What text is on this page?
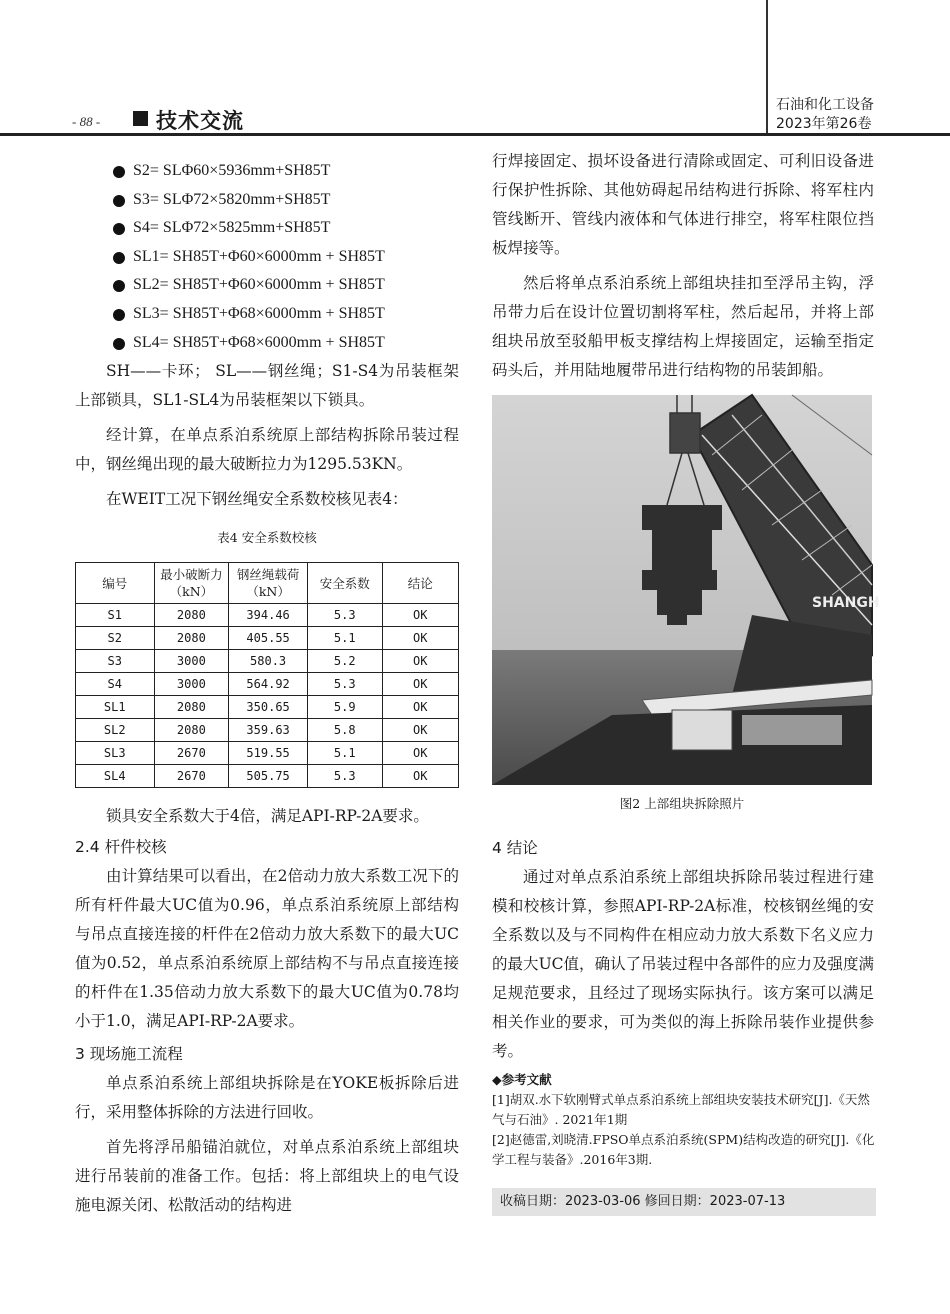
- 88 -	技术交流
石油和化工设备
2023年第26卷
S2= SLΦ60×5936mm+SH85T
S3= SLΦ72×5820mm+SH85T
S4= SLΦ72×5825mm+SH85T
SL1= SH85T+Φ60×6000mm + SH85T
SL2= SH85T+Φ60×6000mm + SH85T
SL3= SH85T+Φ68×6000mm + SH85T
SL4= SH85T+Φ68×6000mm + SH85T

SH——卡环； SL——钢丝绳；S1-S4为吊装框架上部锁具，SL1-SL4为吊装框架以下锁具。

经计算，在单点系泊系统原上部结构拆除吊装过程中，钢丝绳出现的最大破断拉力为1295.53KN。

在WEIT工况下钢丝绳安全系数校核见表4：

表4 安全系数校核
编号	最小破断力（kN）	钢丝绳载荷（kN）	安全系数	结论
S1	2080	394.46	5.3	OK
S2	2080	405.55	5.1	OK
S3	3000	580.3	5.2	OK
S4	3000	564.92	5.3	OK
SL1	2080	350.65	5.9	OK
SL2	2080	359.63	5.8	OK
SL3	2670	519.55	5.1	OK
SL4	2670	505.75	5.3	OK

锁具安全系数大于4倍，满足API-RP-2A要求。

2.4 杆件校核

由计算结果可以看出，在2倍动力放大系数工况下的所有杆件最大UC值为0.96，单点系泊系统原上部结构与吊点直接连接的杆件在2倍动力放大系数下的最大UC值为0.52，单点系泊系统原上部结构不与吊点直接连接的杆件在1.35倍动力放大系数下的最大UC值为0.78均小于1.0，满足API-RP-2A要求。

3 现场施工流程

单点系泊系统上部组块拆除是在YOKE板拆除后进行，采用整体拆除的方法进行回收。

首先将浮吊船锚泊就位，对单点系泊系统上部组块进行吊装前的准备工作。包括：将上部组块上的电气设施电源关闭、松散活动的结构进

行焊接固定、损坏设备进行清除或固定、可利旧设备进行保护性拆除、其他妨碍起吊结构进行拆除、将军柱内管线断开、管线内液体和气体进行排空，将军柱限位挡板焊接等。

然后将单点系泊系统上部组块挂扣至浮吊主钩，浮吊带力后在设计位置切割将军柱，然后起吊，并将上部组块吊放至驳船甲板支撑结构上焊接固定，运输至指定码头后，并用陆地履带吊进行结构物的吊装卸船。

SHANGH
图2 上部组块拆除照片

4 结论

通过对单点系泊系统上部组块拆除吊装过程进行建模和校核计算，参照API-RP-2A标准，校核钢丝绳的安全系数以及与不同构件在相应动力放大系数下名义应力的最大UC值，确认了吊装过程中各部件的应力及强度满足规范要求，且经过了现场实际执行。该方案可以满足相关作业的要求，可为类似的海上拆除吊装作业提供参考。

◆参考文献
[1]胡双.水下软刚臂式单点系泊系统上部组块安装技术研究[J].《天然气与石油》. 2021年1期
[2]赵德雷,刘晓清.FPSO单点系泊系统(SPM)结构改造的研究[J].《化学工程与装备》.2016年3期.
收稿日期：2023-03-06 修回日期：2023-07-13
